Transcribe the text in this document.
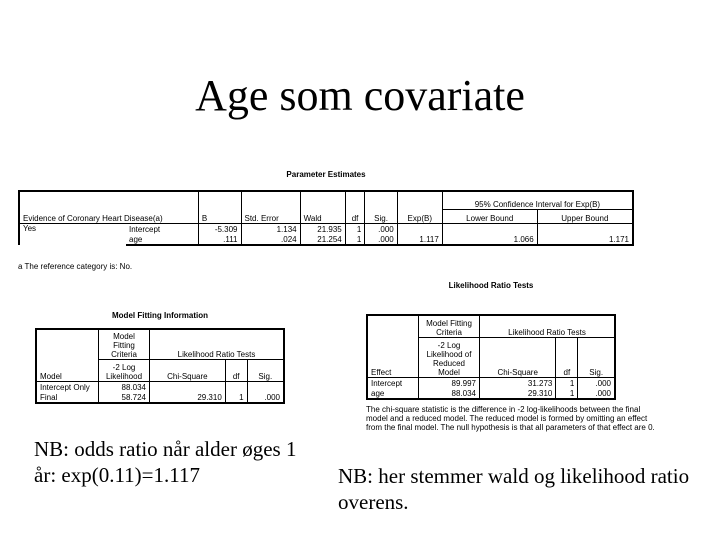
Age som covariate
Parameter Estimates
Evidence of Coronary Heart Disease(a)		B	Std. Error	Wald	df	Sig.	Exp(B)	95% Confidence Interval for Exp(B)	
								Lower Bound	Upper Bound
Yes	Intercept	-5.309	1.134	21.935	1	.000			
	age	.111	.024	21.254	1	.000	1.117	1.066	1.171
a The reference category is: No.
Model Fitting Information
Model	Model Fitting Criteria	Likelihood Ratio Tests		
	-2 Log Likelihood	Chi-Square	df	Sig.
Intercept Only	88.034			
Final	58.724	29.310	1	.000
Likelihood Ratio Tests
Effect	Model Fitting Criteria	Likelihood Ratio Tests		
	-2 Log Likelihood of Reduced Model	Chi-Square	df	Sig.
Intercept	89.997	31.273	1	.000
age	88.034	29.310	1	.000
The chi-square statistic is the difference in -2 log-likelihoods between the final model and a reduced model. The reduced model is formed by omitting an effect from the final model. The null hypothesis is that all parameters of that effect are 0.
NB: odds ratio når alder øges 1 år: exp(0.11)=1.117	NB: her stemmer wald og likelihood ratio overens.
